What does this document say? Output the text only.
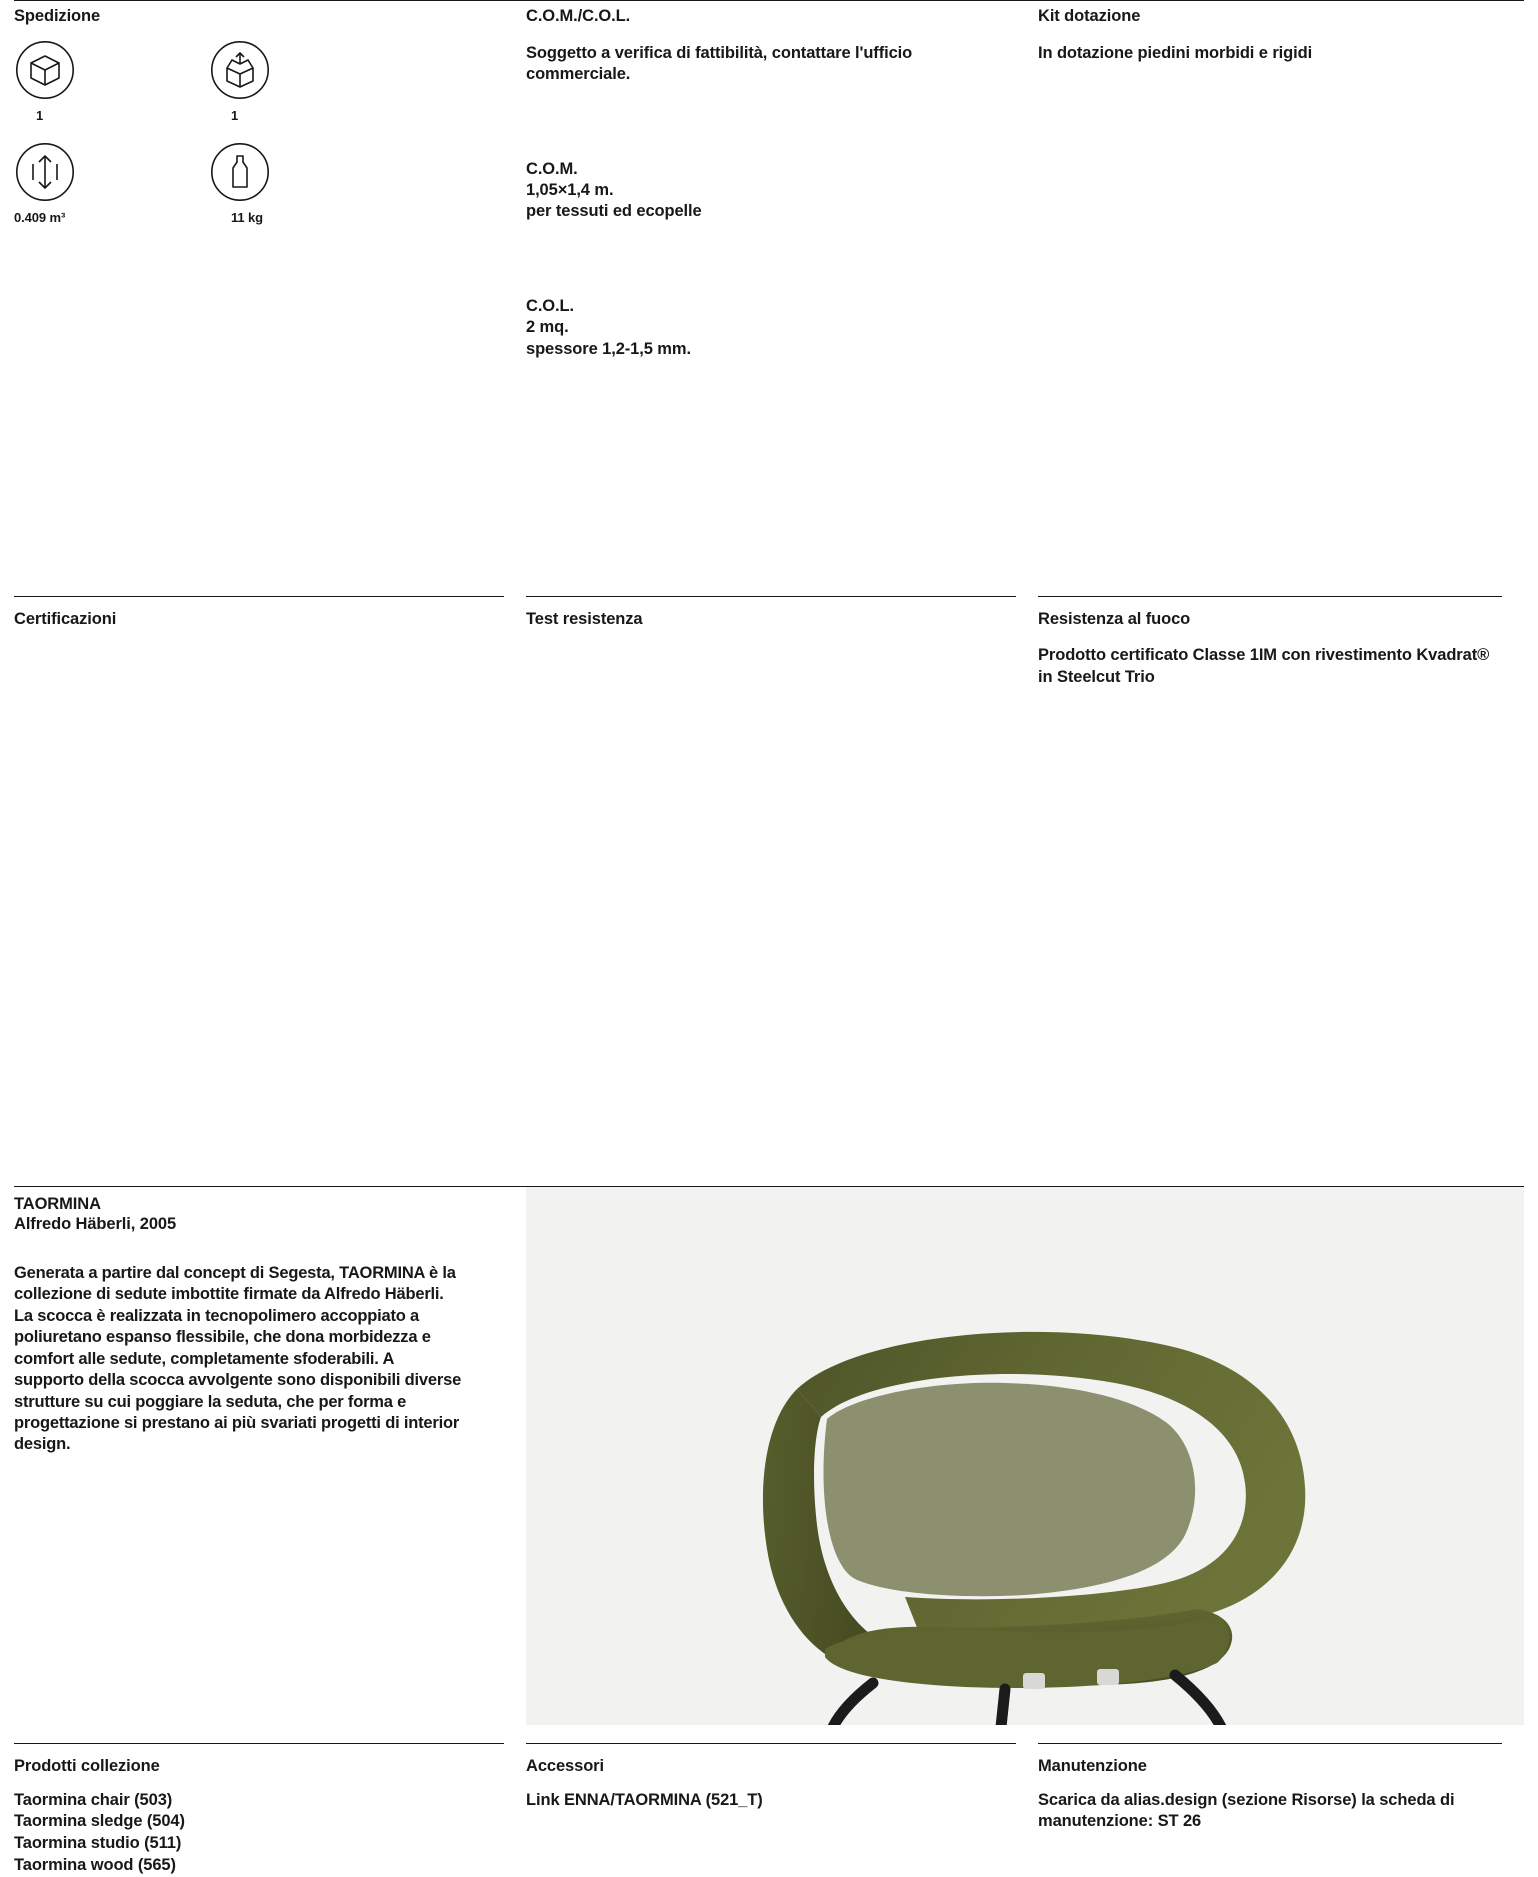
Spedizione
1	1
0.409 m³	11 kg
C.O.M./C.O.L.

Soggetto a verifica di fattibilità, contattare l'ufficio commerciale.

C.O.M.

1,05×1,4 m.

per tessuti ed ecopelle

C.O.L.

2 mq.

spessore 1,2-1,5 mm.

Kit dotazione

In dotazione piedini morbidi e rigidi

Certificazioni	Test resistenza	Resistenza al fuoco

Prodotto certificato Classe 1IM con rivestimento Kvadrat® in Steelcut Trio

TAORMINA
Alfredo Häberli, 2005

Generata a partire dal concept di Segesta, TAORMINA è la collezione di sedute imbottite firmate da Alfredo Häberli. La scocca è realizzata in tecnopolimero accoppiato a poliuretano espanso flessibile, che dona morbidezza e comfort alle sedute, completamente sfoderabili. A supporto della scocca avvolgente sono disponibili diverse strutture su cui poggiare la seduta, che per forma e progettazione si prestano ai più svariati progetti di interior design.

Prodotti collezione
Taormina chair (503)
Taormina sledge (504)
Taormina studio (511)
Taormina wood (565)
Accessori
Link ENNA/TAORMINA (521_T)
Manutenzione
Scarica da alias.design (sezione Risorse) la scheda di manutenzione: ST 26
